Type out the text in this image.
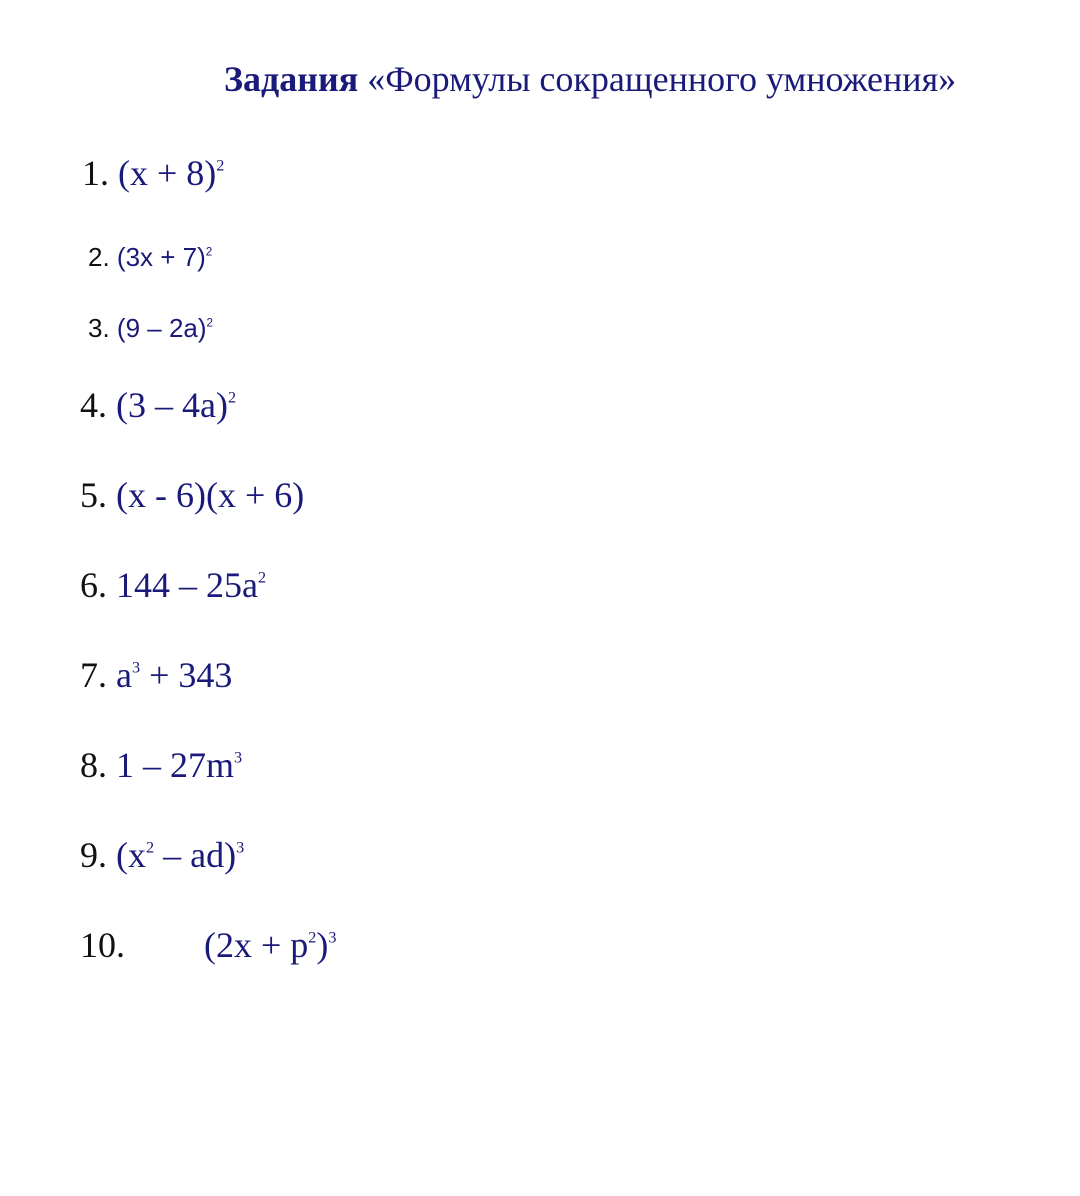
Задания «Формулы сокращенного умножения»
1. $(x + 8)^2$
2. $(3x + 7)^2$
3. (9 – 2a)$^2$
4. (3 – 4a)$^2$
5. (x - 6)(x + 6)
6. $144 - 25a^2$
7. $a^3 + 343$
8. $1 - 27m^3$
9. $(x^2 - ad)^3$
10. $(2x + p^2)^3$
